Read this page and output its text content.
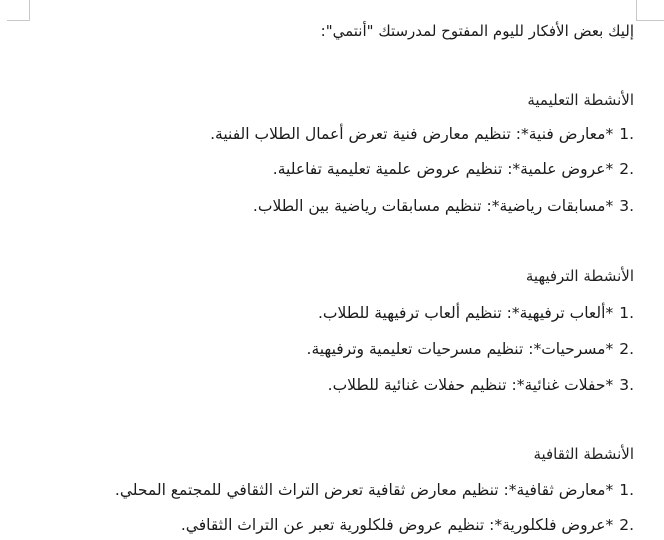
إليك بعض الأفكار لليوم المفتوح لمدرستك "أنتمي":
الأنشطة التعليمية
1.*معارض فنية*: تنظيم معارض فنية تعرض أعمال الطلاب الفنية.
2.*عروض علمية*: تنظيم عروض علمية تعليمية تفاعلية.
3.*مسابقات رياضية*: تنظيم مسابقات رياضية بين الطلاب.
الأنشطة الترفيهية
1.*ألعاب ترفيهية*: تنظيم ألعاب ترفيهية للطلاب.
2.*مسرحيات*: تنظيم مسرحيات تعليمية وترفيهية.
3.*حفلات غنائية*: تنظيم حفلات غنائية للطلاب.
الأنشطة الثقافية
1.*معارض ثقافية*: تنظيم معارض ثقافية تعرض التراث الثقافي للمجتمع المحلي.
2.*عروض فلكلورية*: تنظيم عروض فلكلورية تعبر عن التراث الثقافي.
